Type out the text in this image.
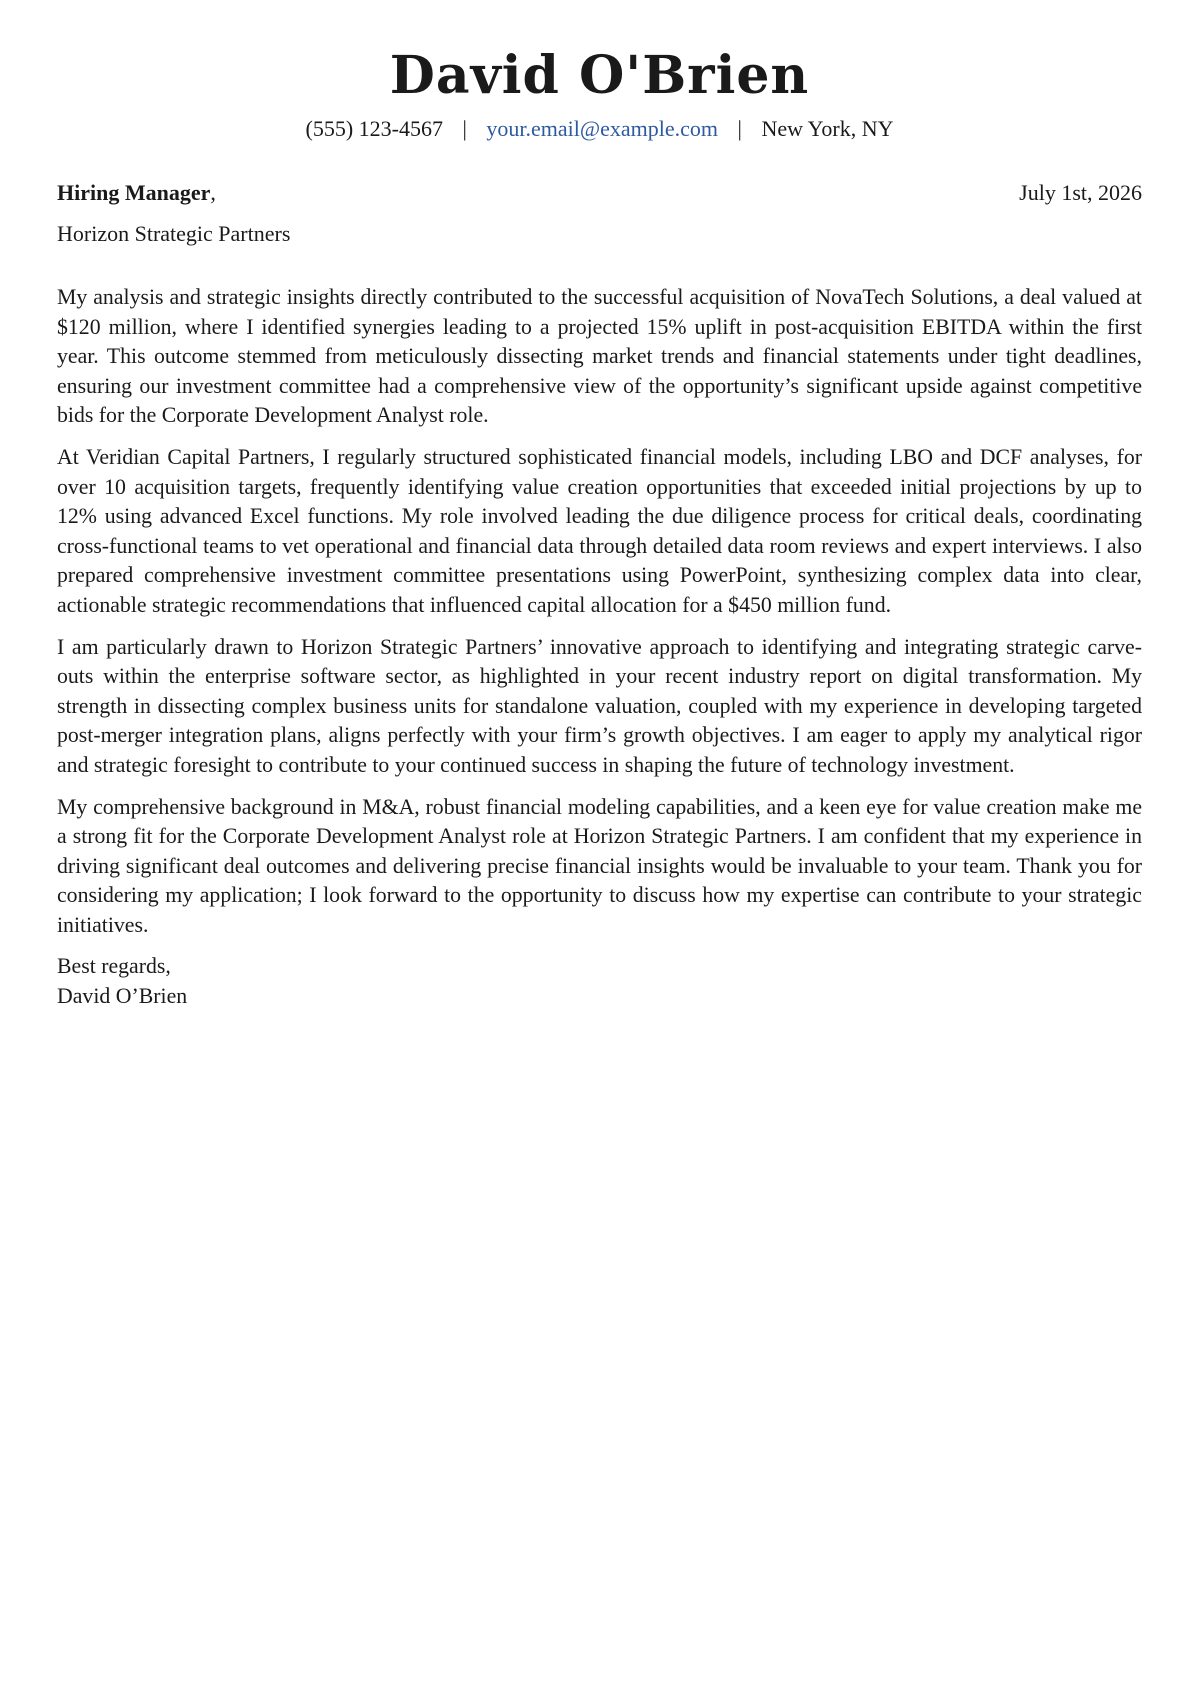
David O'Brien
(555) 123-4567 | your.email@example.com | New York, NY
Hiring Manager,	July 1st, 2026
Horizon Strategic Partners

My analysis and strategic insights directly contributed to the successful acquisition of NovaTech Solutions, a deal valued at $120 million, where I identified synergies leading to a projected 15% uplift in post-acquisition EBITDA within the first year. This outcome stemmed from meticulously dissecting market trends and financial statements under tight deadlines, ensuring our investment committee had a comprehensive view of the opportunity’s significant upside against competitive bids for the Corporate Development Analyst role.

At Veridian Capital Partners, I regularly structured sophisticated financial models, including LBO and DCF analyses, for over 10 acquisition targets, frequently identifying value creation opportunities that exceeded initial projections by up to 12% using advanced Excel functions. My role involved leading the due diligence process for critical deals, coordinating cross-functional teams to vet operational and financial data through detailed data room reviews and expert interviews. I also prepared comprehensive investment committee presentations using PowerPoint, synthesizing complex data into clear, actionable strategic recommendations that influenced capital allocation for a $450 million fund.

I am particularly drawn to Horizon Strategic Partners’ innovative approach to identifying and integrating strategic carve-outs within the enterprise software sector, as highlighted in your recent industry report on digital transformation. My strength in dissecting complex business units for standalone valuation, coupled with my experience in developing targeted post-merger integration plans, aligns perfectly with your firm’s growth objectives. I am eager to apply my analytical rigor and strategic foresight to contribute to your continued success in shaping the future of technology investment.

My comprehensive background in M&A, robust financial modeling capabilities, and a keen eye for value creation make me a strong fit for the Corporate Development Analyst role at Horizon Strategic Partners. I am confident that my experience in driving significant deal outcomes and delivering precise financial insights would be invaluable to your team. Thank you for considering my application; I look forward to the opportunity to discuss how my expertise can contribute to your strategic initiatives.

Best regards,
David O’Brien
